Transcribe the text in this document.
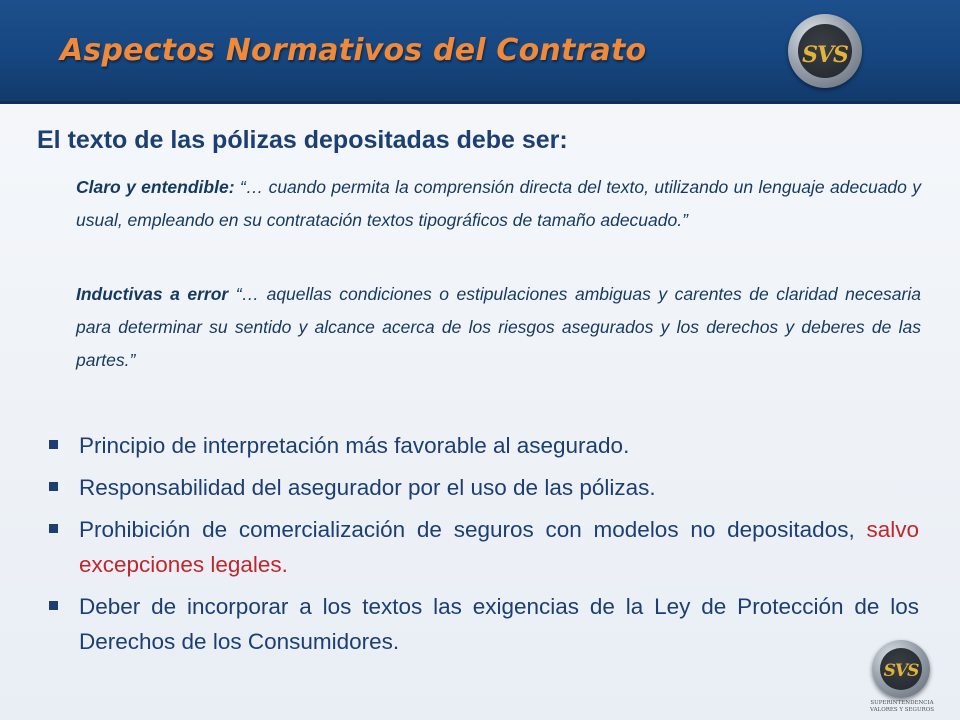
Aspectos Normativos del Contrato	SVS
El texto de las pólizas depositadas debe ser:
Claro y entendible: “… cuando permita la comprensión directa del texto, utilizando un lenguaje adecuado y usual, empleando en su contratación textos tipográficos de tamaño adecuado.”
Inductivas a error “… aquellas condiciones o estipulaciones ambiguas y carentes de claridad necesaria para determinar su sentido y alcance acerca de los riesgos asegurados y los derechos y deberes de las partes.”
Principio de interpretación más favorable al asegurado.
Responsabilidad del asegurador por el uso de las pólizas.
Prohibición de comercialización de seguros con modelos no depositados, salvo excepciones legales.
Deber de incorporar a los textos las exigencias de la Ley de Protección de los Derechos de los Consumidores.
SVS
SUPERINTENDENCIA
VALORES Y SEGUROS
